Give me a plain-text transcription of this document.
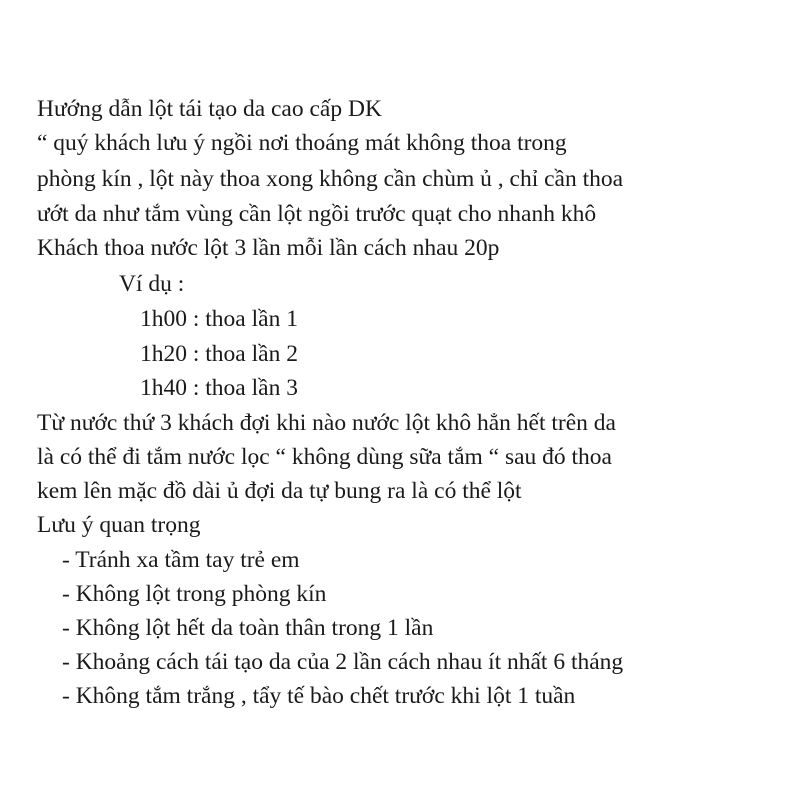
Hướng dẫn lột tái tạo da cao cấp DK

“ quý khách lưu ý ngồi nơi thoáng mát không thoa trong

phòng kín , lột này thoa xong không cần chùm ủ , chỉ cần thoa

ướt da như tắm vùng cần lột ngồi trước quạt cho nhanh khô

Khách thoa nước lột 3 lần mỗi lần cách nhau 20p

Ví dụ :

1h00 : thoa lần 1

1h20 : thoa lần 2

1h40 : thoa lần 3

Từ nước thứ 3 khách đợi khi nào nước lột khô hẳn hết trên da

là có thể đi tắm nước lọc “ không dùng sữa tắm “ sau đó thoa

kem lên mặc đồ dài ủ đợi da tự bung ra là có thể lột

Lưu ý quan trọng

- Tránh xa tầm tay trẻ em

- Không lột trong phòng kín

- Không lột hết da toàn thân trong 1 lần

- Khoảng cách tái tạo da của 2 lần cách nhau ít nhất 6 tháng

- Không tắm trắng , tẩy tế bào chết trước khi lột 1 tuần
